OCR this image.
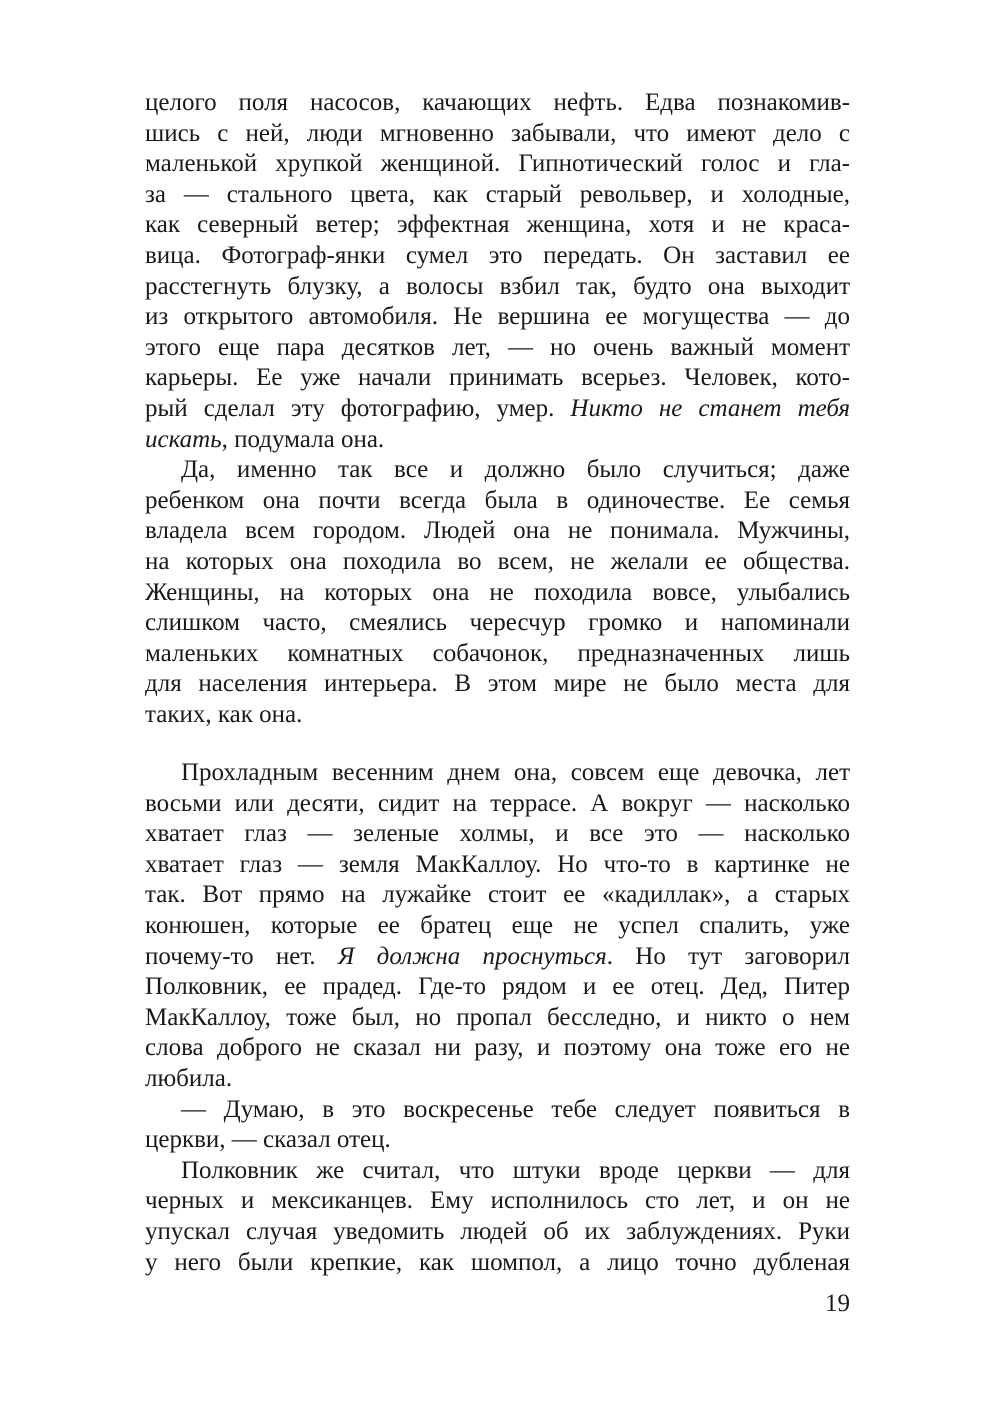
целого поля насосов, качающих нефть. Едва познакомив-
шись с ней, люди мгновенно забывали, что имеют дело с
маленькой хрупкой женщиной. Гипнотический голос и гла-
за — стального цвета, как старый револьвер, и холодные,
как северный ветер; эффектная женщина, хотя и не краса-
вица. Фотограф-янки сумел это передать. Он заставил ее
расстегнуть блузку, а волосы взбил так, будто она выходит
из открытого автомобиля. Не вершина ее могущества — до
этого еще пара десятков лет, — но очень важный момент
карьеры. Ее уже начали принимать всерьез. Человек, кото-
рый сделал эту фотографию, умер. Никто не станет тебя
искать, подумала она.
Да, именно так все и должно было случиться; даже
ребенком она почти всегда была в одиночестве. Ее семья
владела всем городом. Людей она не понимала. Мужчины,
на которых она походила во всем, не желали ее общества.
Женщины, на которых она не походила вовсе, улыбались
слишком часто, смеялись чересчур громко и напоминали
маленьких комнатных собачонок, предназначенных лишь
для населения интерьера. В этом мире не было места для
таких, как она.
Прохладным весенним днем она, совсем еще девочка, лет
восьми или десяти, сидит на террасе. А вокруг — насколько
хватает глаз — зеленые холмы, и все это — насколько
хватает глаз — земля МакКаллоу. Но что-то в картинке не
так. Вот прямо на лужайке стоит ее «кадиллак», а старых
конюшен, которые ее братец еще не успел спалить, уже
почему-то нет. Я должна проснуться. Но тут заговорил
Полковник, ее прадед. Где-то рядом и ее отец. Дед, Питер
МакКаллоу, тоже был, но пропал бесследно, и никто о нем
слова доброго не сказал ни разу, и поэтому она тоже его не
любила.
— Думаю, в это воскресенье тебе следует появиться в
церкви, — сказал отец.
Полковник же считал, что штуки вроде церкви — для
черных и мексиканцев. Ему исполнилось сто лет, и он не
упускал случая уведомить людей об их заблуждениях. Руки
у него были крепкие, как шомпол, а лицо точно дубленая
19
